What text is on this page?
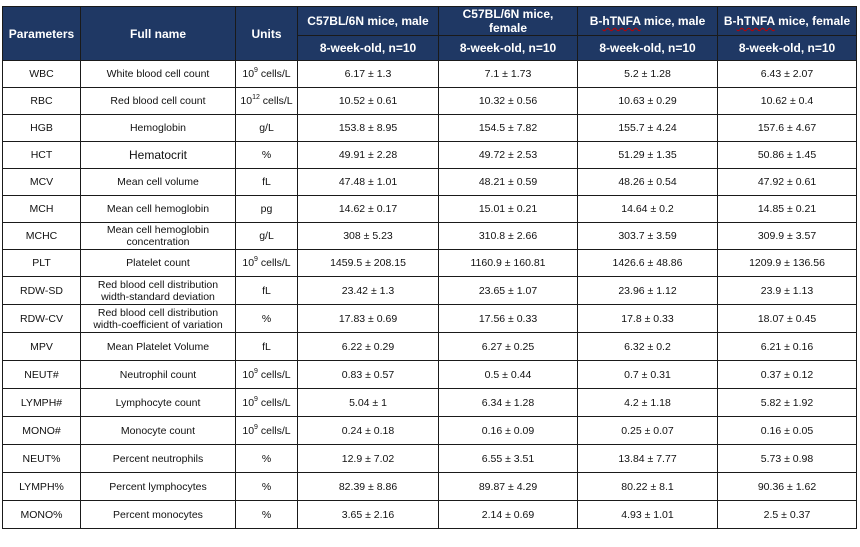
Parameters	Full name	Units	C57BL/6N mice, male	C57BL/6N mice, female	B-hTNFA mice, male	B-hTNFA mice, female
			8-week-old, n=10	8-week-old, n=10	8-week-old, n=10	8-week-old, n=10
WBC	White blood cell count	$10^9$ cells/L	6.17 ± 1.3	7.1 ± 1.73	5.2 ± 1.28	6.43 ± 2.07
RBC	Red blood cell count	$10^{12}$ cells/L	10.52 ± 0.61	10.32 ± 0.56	10.63 ± 0.29	10.62 ± 0.4
HGB	Hemoglobin	g/L	153.8 ± 8.95	154.5 ± 7.82	155.7 ± 4.24	157.6 ± 4.67
HCT	Hematocrit	%	49.91 ± 2.28	49.72 ± 2.53	51.29 ± 1.35	50.86 ± 1.45
MCV	Mean cell volume	fL	47.48 ± 1.01	48.21 ± 0.59	48.26 ± 0.54	47.92 ± 0.61
MCH	Mean cell hemoglobin	pg	14.62 ± 0.17	15.01 ± 0.21	14.64 ± 0.2	14.85 ± 0.21
MCHC	Mean cell hemoglobin concentration	g/L	308 ± 5.23	310.8 ± 2.66	303.7 ± 3.59	309.9 ± 3.57
PLT	Platelet count	$10^9$ cells/L	1459.5 ± 208.15	1160.9 ± 160.81	1426.6 ± 48.86	1209.9 ± 136.56
RDW-SD	Red blood cell distribution width-standard deviation	fL	23.42 ± 1.3	23.65 ± 1.07	23.96 ± 1.12	23.9 ± 1.13
RDW-CV	Red blood cell distribution width-coefficient of variation	%	17.83 ± 0.69	17.56 ± 0.33	17.8 ± 0.33	18.07 ± 0.45
MPV	Mean Platelet Volume	fL	6.22 ± 0.29	6.27 ± 0.25	6.32 ± 0.2	6.21 ± 0.16
NEUT#	Neutrophil count	$10^9$ cells/L	0.83 ± 0.57	0.5 ± 0.44	0.7 ± 0.31	0.37 ± 0.12
LYMPH#	Lymphocyte count	$10^9$ cells/L	5.04 ± 1	6.34 ± 1.28	4.2 ± 1.18	5.82 ± 1.92
MONO#	Monocyte count	$10^9$ cells/L	0.24 ± 0.18	0.16 ± 0.09	0.25 ± 0.07	0.16 ± 0.05
NEUT%	Percent neutrophils	%	12.9 ± 7.02	6.55 ± 3.51	13.84 ± 7.77	5.73 ± 0.98
LYMPH%	Percent lymphocytes	%	82.39 ± 8.86	89.87 ± 4.29	80.22 ± 8.1	90.36 ± 1.62
MONO%	Percent monocytes	%	3.65 ± 2.16	2.14 ± 0.69	4.93 ± 1.01	2.5 ± 0.37
